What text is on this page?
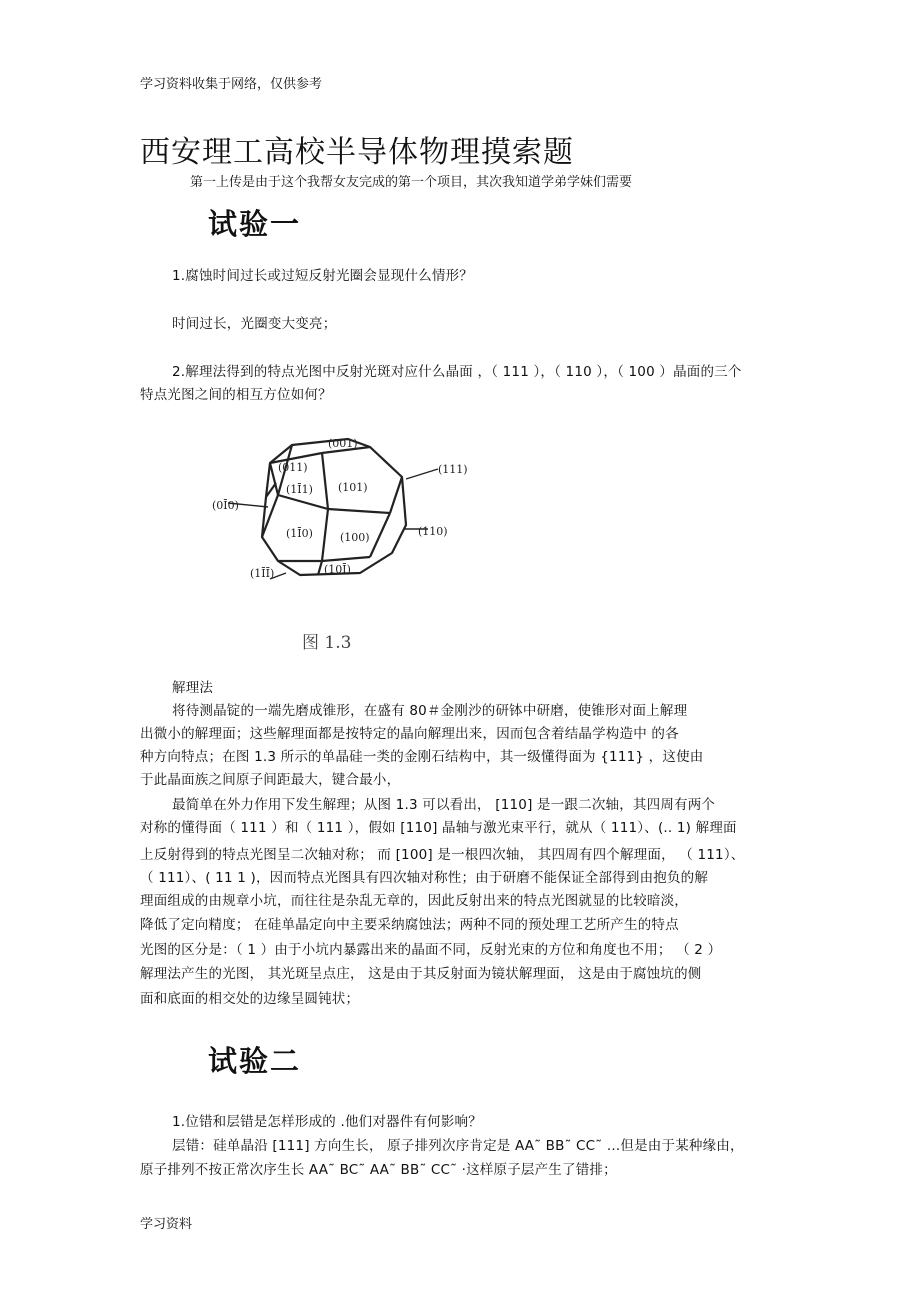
学习资料收集于网络，仅供参考
西安理工高校半导体物理摸索题
第一上传是由于这个我帮女友完成的第一个项目，其次我知道学弟学妹们需要
试验一
1.腐蚀时间过长或过短反射光圈会显现什么情形？
时间过长，光圈变大变亮；
2.解理法得到的特点光图中反射光斑对应什么晶面 ，（ 111 ），（ 110 ），（ 100 ）晶面的三个
特点光图之间的相互方位如何？
(001)
(011)	(111)
(1Ī1) (101)
(0Ī0)
(1Ī0) (100)	(110)
(1ĪĪ)	(10Ī)
图 1.3
解理法
将待测晶锭的一端先磨成锥形，在盛有 80＃金刚沙的研钵中研磨，使锥形对面上解理
出微小的解理面；这些解理面都是按特定的晶向解理出来，因而包含着结晶学构造中 的各
种方向特点；在图 1.3 所示的单晶硅一类的金刚石结构中，其一级懂得面为 {111} ，这使由
于此晶面族之间原子间距最大，键合最小，
最简单在外力作用下发生解理；从图 1.3 可以看出， [110] 是一跟二次轴，其四周有两个
对称的懂得面（ 111 ）和（ 111 ），假如 [110] 晶轴与激光束平行，就从（ 111）、(.. 1) 解理面
上反射得到的特点光图呈二次轴对称； 而 [100] 是一根四次轴， 其四周有四个解理面， （ 111）、
（ 111）、( 11 1 )，因而特点光图具有四次轴对称性；由于研磨不能保证全部得到由抱负的解
理面组成的由规章小坑，而往往是杂乱无章的，因此反射出来的特点光图就显的比较暗淡，
降低了定向精度； 在硅单晶定向中主要采纳腐蚀法；两种不同的预处理工艺所产生的特点
光图的区分是：（ 1 ）由于小坑内暴露出来的晶面不同，反射光束的方位和角度也不用； （ 2 ）
解理法产生的光图， 其光斑呈点庄， 这是由于其反射面为镜状解理面， 这是由于腐蚀坑的侧
面和底面的相交处的边缘呈圆钝状；
试验二
1.位错和层错是怎样形成的 .他们对器件有何影响？
层错：硅单晶沿 [111] 方向生长， 原子排列次序肯定是 AA˜ BB˜ CC˜ …但是由于某种缘由，
原子排列不按正常次序生长 AA˜ BC˜ AA˜ BB˜ CC˜ ·这样原子层产生了错排；
学习资料
